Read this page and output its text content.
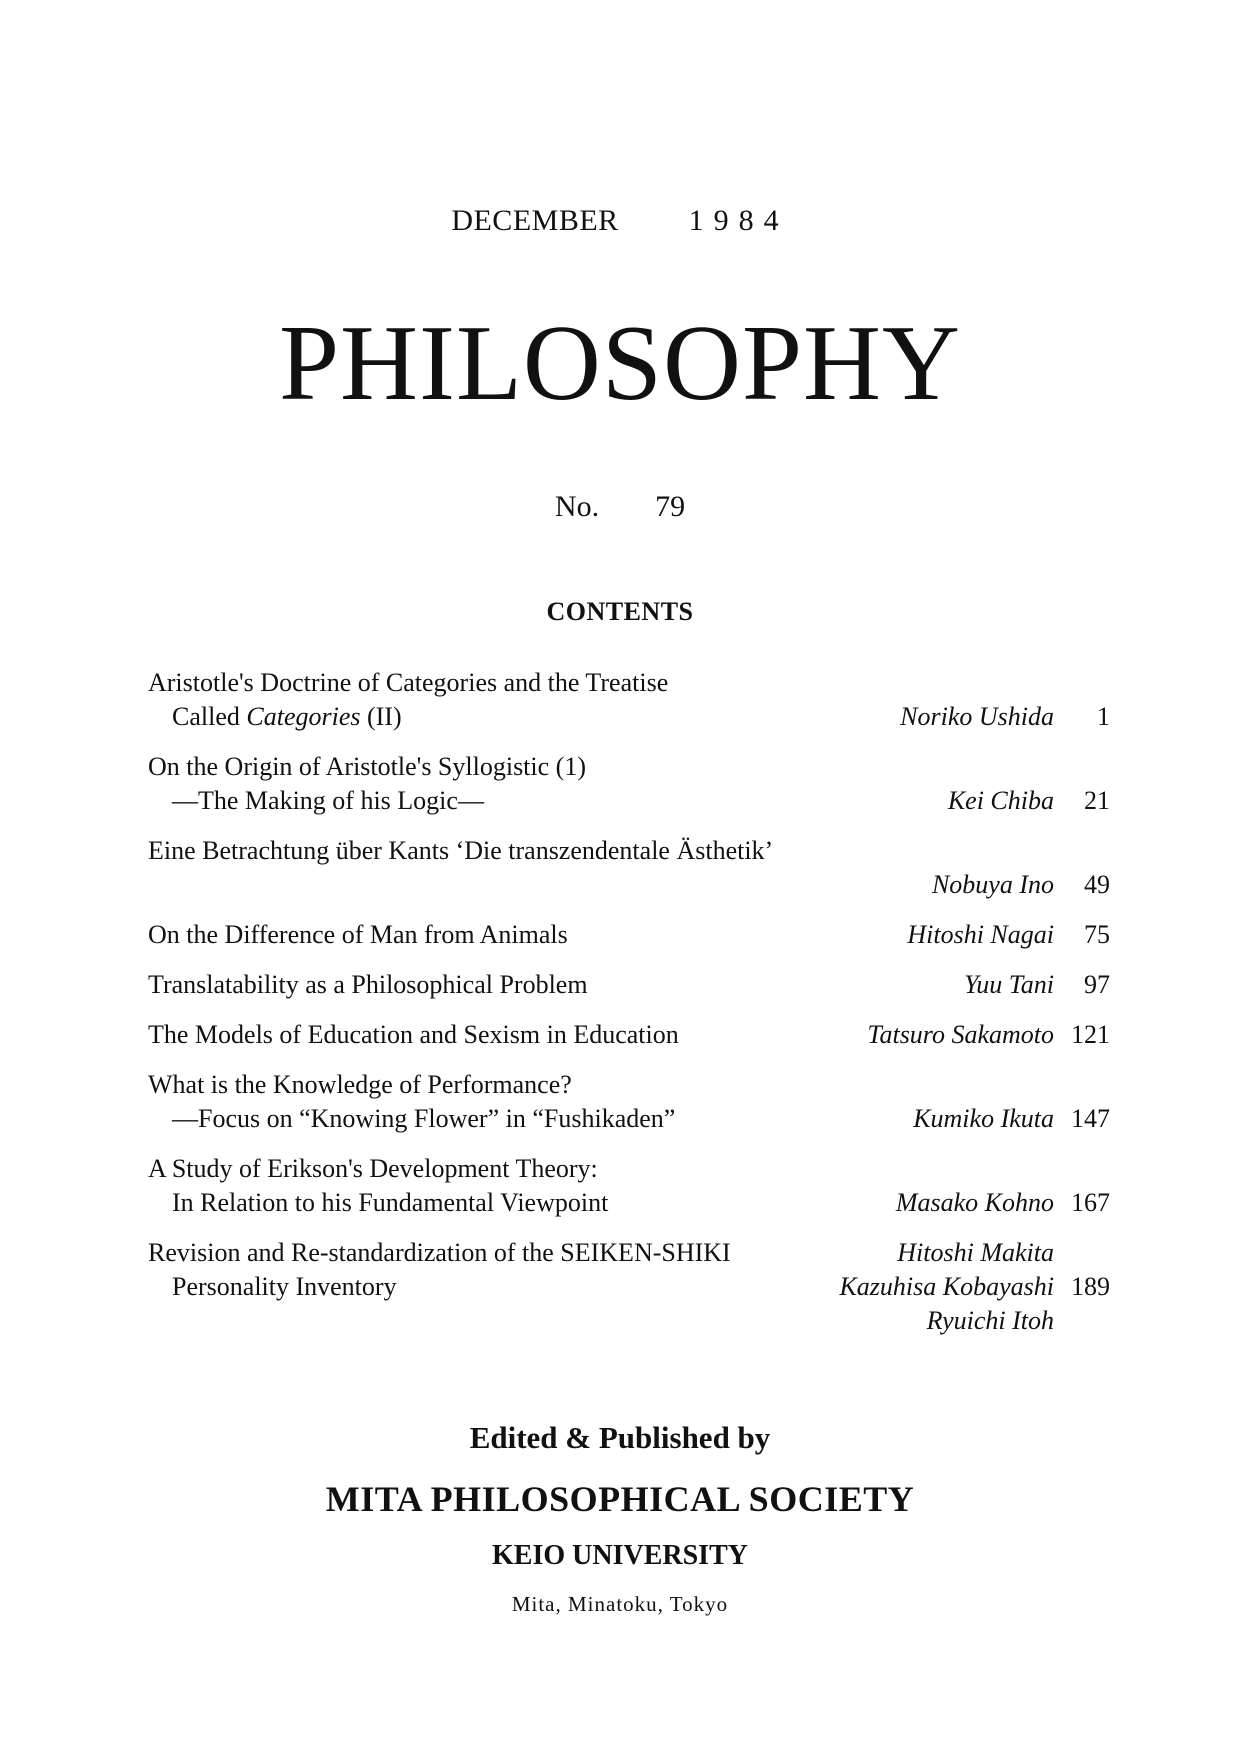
DECEMBER 1984
PHILOSOPHY
No. 79
CONTENTS
Aristotle's Doctrine of Categories and the Treatise
Called Categories (II)	Noriko Ushida	1
On the Origin of Aristotle's Syllogistic (1)
—The Making of his Logic—	Kei Chiba	21
Eine Betrachtung über Kants ‘Die transzendentale Ästhetik’
Nobuya Ino	49
On the Difference of Man from Animals	Hitoshi Nagai	75
Translatability as a Philosophical Problem	Yuu Tani	97
The Models of Education and Sexism in Education	Tatsuro Sakamoto 121
What is the Knowledge of Performance?
—Focus on “Knowing Flower” in “Fushikaden”	Kumiko Ikuta 147
A Study of Erikson's Development Theory:
In Relation to his Fundamental Viewpoint	Masako Kohno 167
Revision and Re-standardization of the SEIKEN-SHIKI	Hitoshi Makita
Personality Inventory	Kazuhisa Kobayashi 189
Ryuichi Itoh
Edited & Published by
MITA PHILOSOPHICAL SOCIETY
KEIO UNIVERSITY
Mita, Minatoku, Tokyo
